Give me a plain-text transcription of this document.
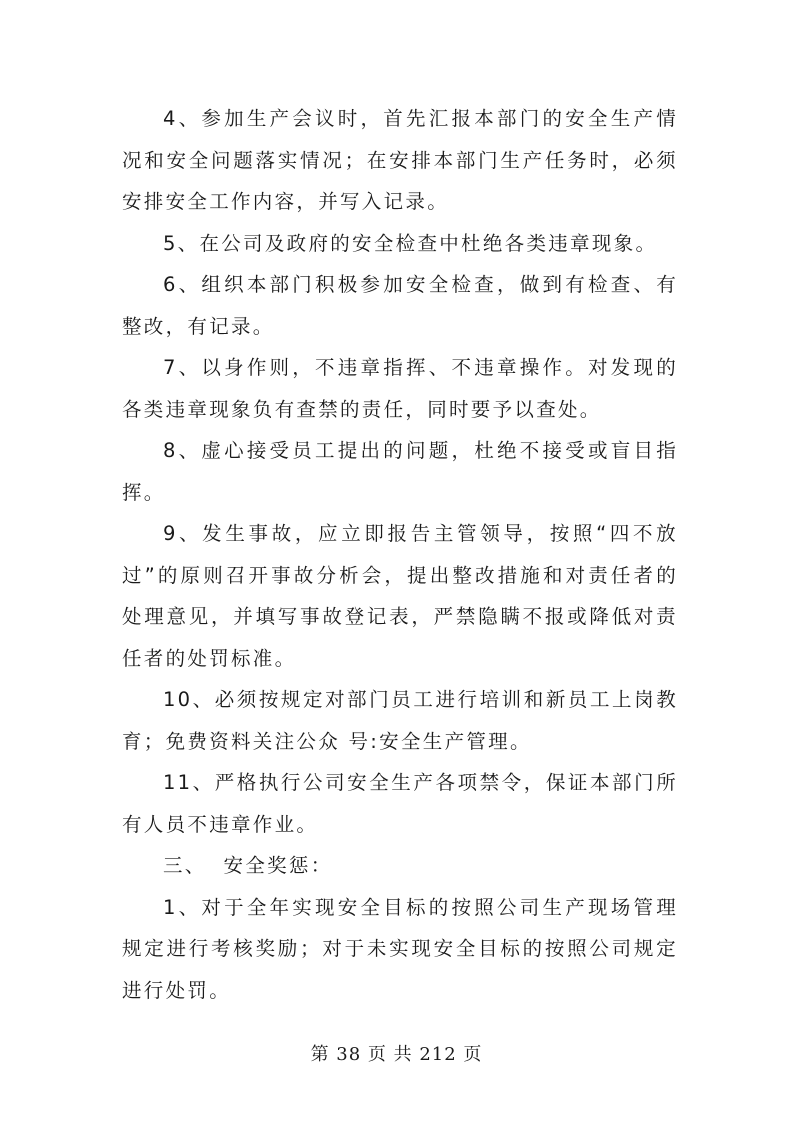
4、参加生产会议时，首先汇报本部门的安全生产情况和安全问题落实情况；在安排本部门生产任务时，必须安排安全工作内容，并写入记录。

5、在公司及政府的安全检查中杜绝各类违章现象。

6、组织本部门积极参加安全检查，做到有检查、有整改，有记录。

7、以身作则，不违章指挥、不违章操作。对发现的各类违章现象负有查禁的责任，同时要予以查处。

8、虚心接受员工提出的问题，杜绝不接受或盲目指挥。

9、发生事故，应立即报告主管领导，按照“四不放过”的原则召开事故分析会，提出整改措施和对责任者的处理意见，并填写事故登记表，严禁隐瞒不报或降低对责任者的处罚标准。

10、必须按规定对部门员工进行培训和新员工上岗教育；免费资料关注公众 号:安全生产管理。

11、严格执行公司安全生产各项禁令，保证本部门所有人员不违章作业。

三、  安全奖惩：

1、对于全年实现安全目标的按照公司生产现场管理规定进行考核奖励；对于未实现安全目标的按照公司规定进行处罚。

第 38 页 共 212 页
